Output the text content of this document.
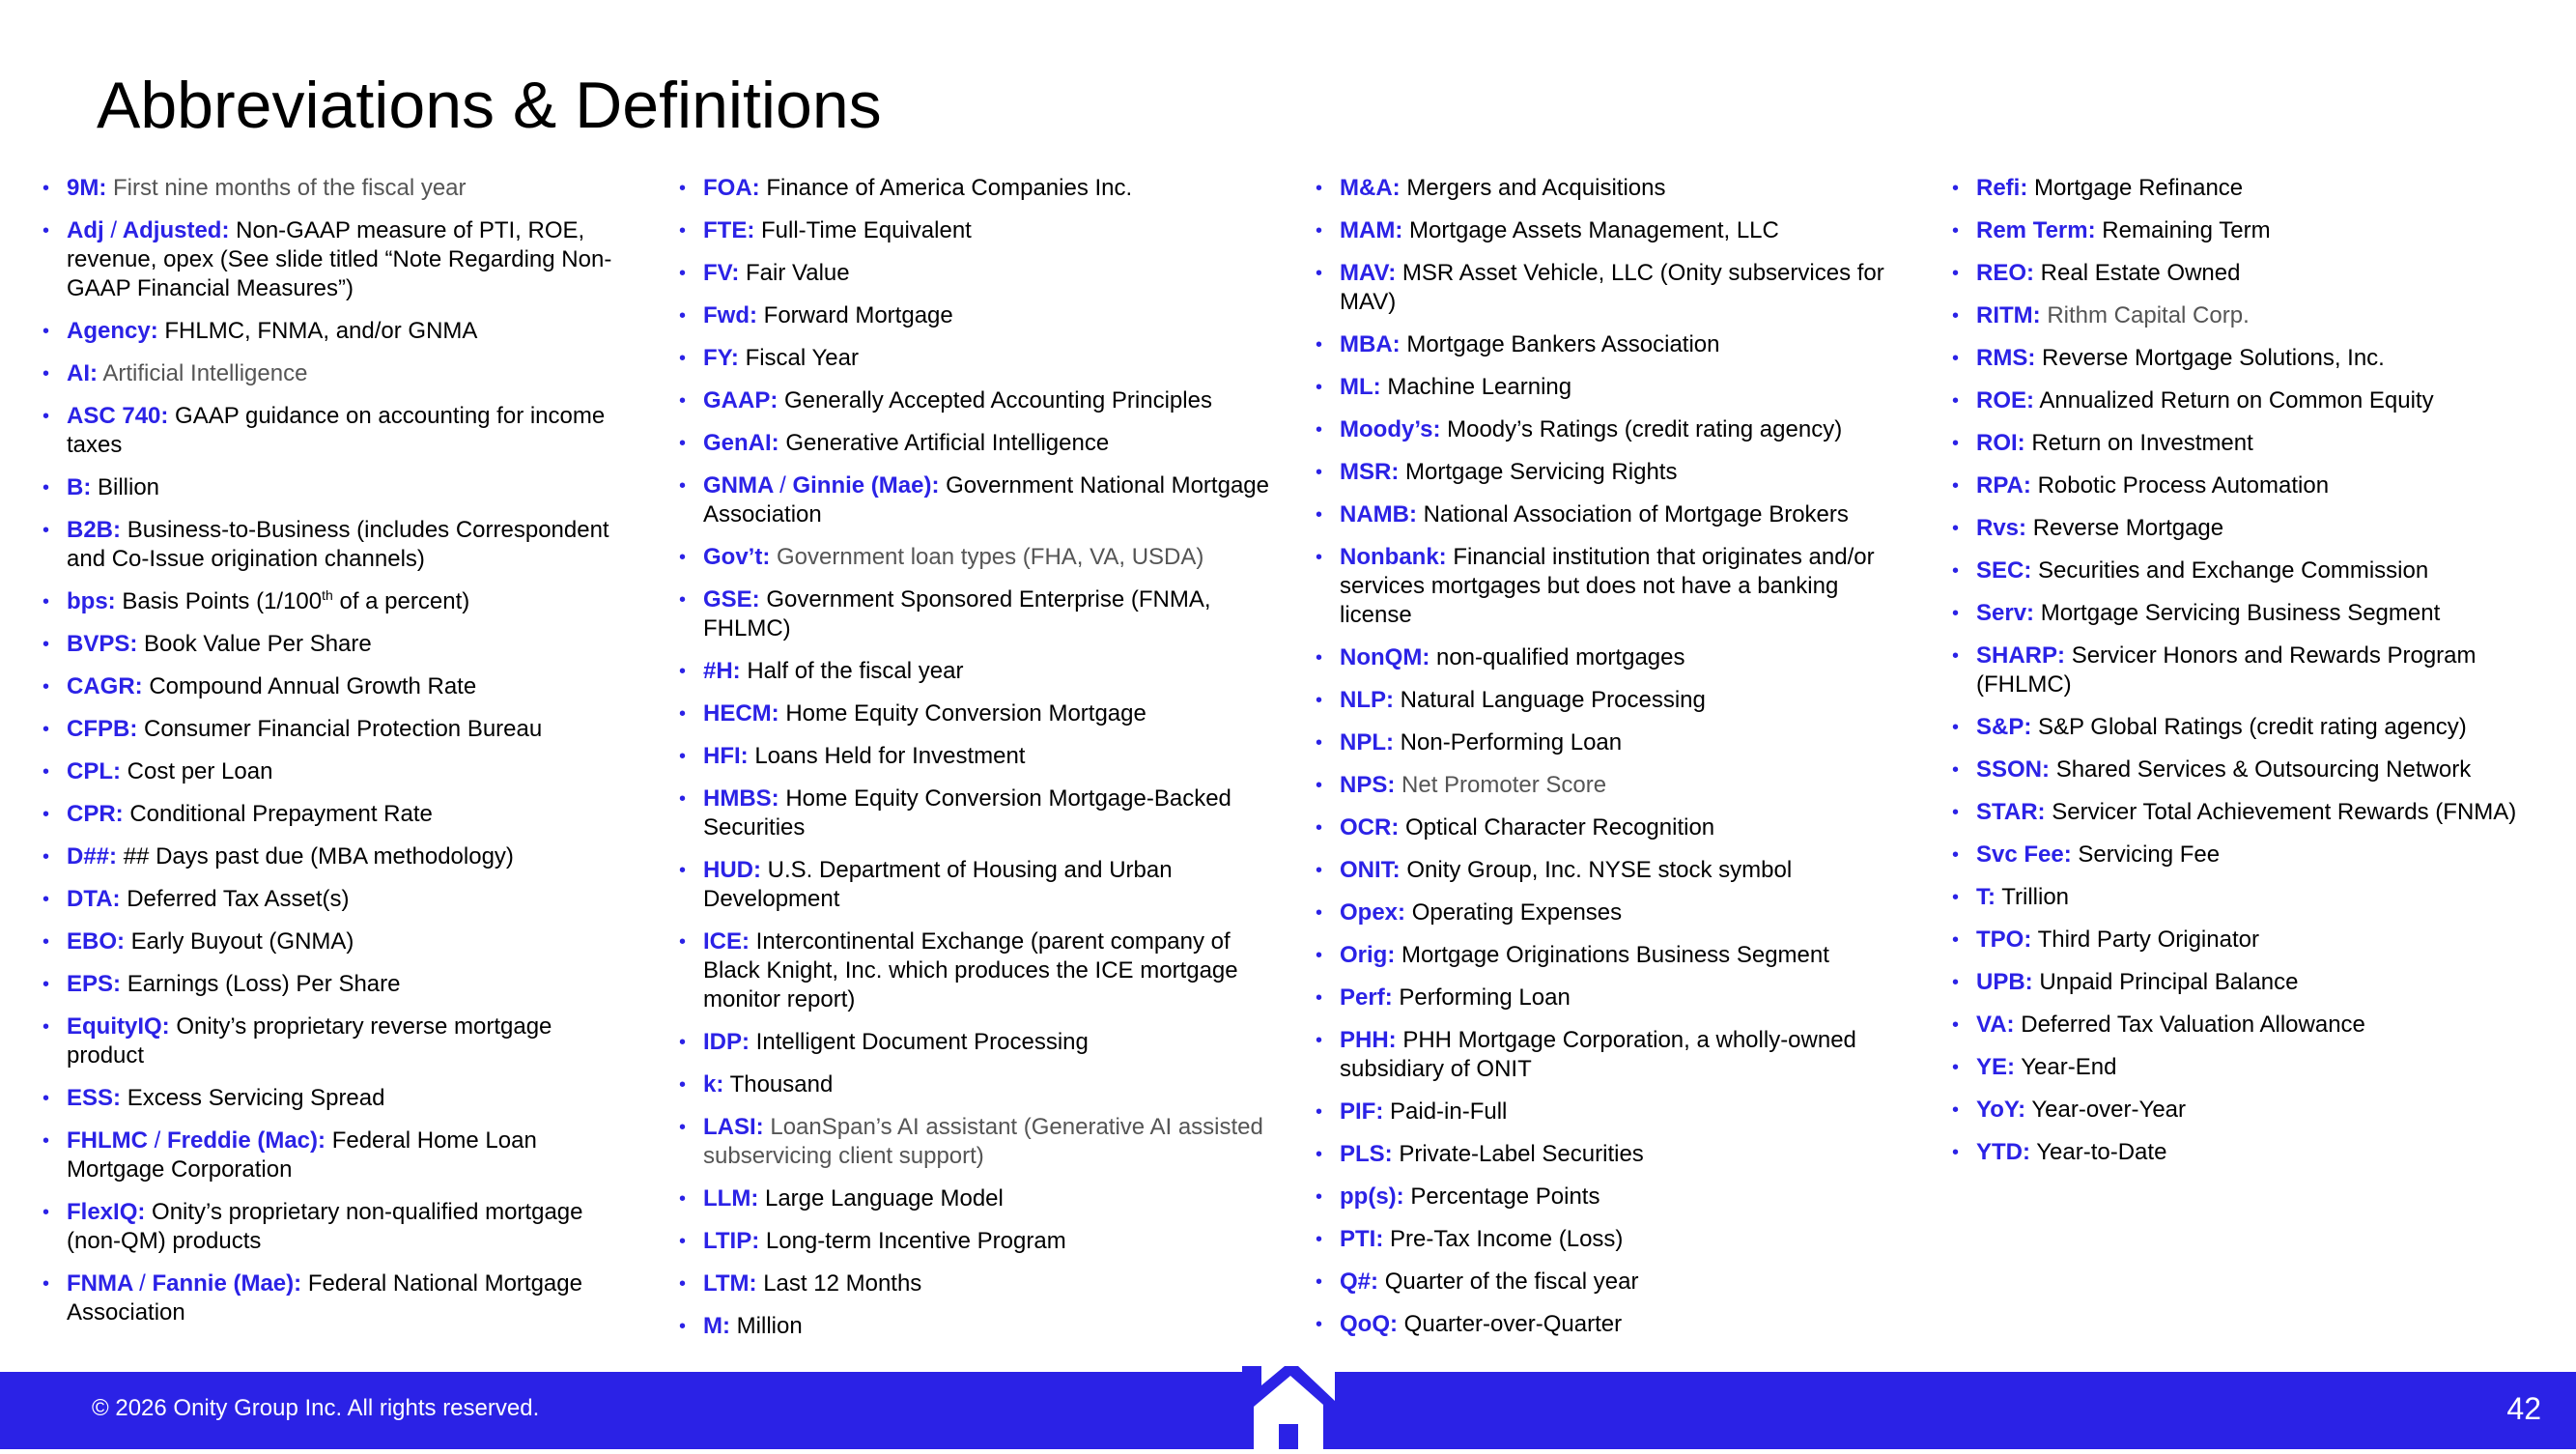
Abbreviations & Definitions
• 9M: First nine months of the fiscal year
• Adj / Adjusted: Non-GAAP measure of PTI, ROE, revenue, opex (See slide titled “Note Regarding Non-GAAP Financial Measures”)
• Agency: FHLMC, FNMA, and/or GNMA
• AI: Artificial Intelligence
• ASC 740: GAAP guidance on accounting for income taxes
• B: Billion
• B2B: Business-to-Business (includes Correspondent and Co-Issue origination channels)
• bps: Basis Points (1/100th of a percent)
• BVPS: Book Value Per Share
• CAGR: Compound Annual Growth Rate
• CFPB: Consumer Financial Protection Bureau
• CPL: Cost per Loan
• CPR: Conditional Prepayment Rate
• D##: ## Days past due (MBA methodology)
• DTA: Deferred Tax Asset(s)
• EBO: Early Buyout (GNMA)
• EPS: Earnings (Loss) Per Share
• EquityIQ: Onity’s proprietary reverse mortgage product
• ESS: Excess Servicing Spread
• FHLMC / Freddie (Mac): Federal Home Loan Mortgage Corporation
• FlexIQ: Onity’s proprietary non-qualified mortgage (non-QM) products
• FNMA / Fannie (Mae): Federal National Mortgage Association
• FOA: Finance of America Companies Inc.
• FTE: Full-Time Equivalent
• FV: Fair Value
• Fwd: Forward Mortgage
• FY: Fiscal Year
• GAAP: Generally Accepted Accounting Principles
• GenAI: Generative Artificial Intelligence
• GNMA / Ginnie (Mae): Government National Mortgage Association
• Gov’t: Government loan types (FHA, VA, USDA)
• GSE: Government Sponsored Enterprise (FNMA, FHLMC)
• #H: Half of the fiscal year
• HECM: Home Equity Conversion Mortgage
• HFI: Loans Held for Investment
• HMBS: Home Equity Conversion Mortgage-Backed Securities
• HUD: U.S. Department of Housing and Urban Development
• ICE: Intercontinental Exchange (parent company of Black Knight, Inc. which produces the ICE mortgage monitor report)
• IDP: Intelligent Document Processing
• k: Thousand
• LASI: LoanSpan’s AI assistant (Generative AI assisted subservicing client support)
• LLM: Large Language Model
• LTIP: Long-term Incentive Program
• LTM: Last 12 Months
• M: Million
• M&A: Mergers and Acquisitions
• MAM: Mortgage Assets Management, LLC
• MAV: MSR Asset Vehicle, LLC (Onity subservices for MAV)
• MBA: Mortgage Bankers Association
• ML: Machine Learning
• Moody’s: Moody’s Ratings (credit rating agency)
• MSR: Mortgage Servicing Rights
• NAMB: National Association of Mortgage Brokers
• Nonbank: Financial institution that originates and/or services mortgages but does not have a banking license
• NonQM: non-qualified mortgages
• NLP: Natural Language Processing
• NPL: Non-Performing Loan
• NPS: Net Promoter Score
• OCR: Optical Character Recognition
• ONIT: Onity Group, Inc. NYSE stock symbol
• Opex: Operating Expenses
• Orig: Mortgage Originations Business Segment
• Perf: Performing Loan
• PHH: PHH Mortgage Corporation, a wholly-owned subsidiary of ONIT
• PIF: Paid-in-Full
• PLS: Private-Label Securities
• pp(s): Percentage Points
• PTI: Pre-Tax Income (Loss)
• Q#: Quarter of the fiscal year
• QoQ: Quarter-over-Quarter
• Refi: Mortgage Refinance
• Rem Term: Remaining Term
• REO: Real Estate Owned
• RITM: Rithm Capital Corp.
• RMS: Reverse Mortgage Solutions, Inc.
• ROE: Annualized Return on Common Equity
• ROI: Return on Investment
• RPA: Robotic Process Automation
• Rvs: Reverse Mortgage
• SEC: Securities and Exchange Commission
• Serv: Mortgage Servicing Business Segment
• SHARP: Servicer Honors and Rewards Program (FHLMC)
• S&P: S&P Global Ratings (credit rating agency)
• SSON: Shared Services & Outsourcing Network
• STAR: Servicer Total Achievement Rewards (FNMA)
• Svc Fee: Servicing Fee
• T: Trillion
• TPO: Third Party Originator
• UPB: Unpaid Principal Balance
• VA: Deferred Tax Valuation Allowance
• YE: Year-End
• YoY: Year-over-Year
• YTD: Year-to-Date
© 2026 Onity Group Inc. All rights reserved.	42
